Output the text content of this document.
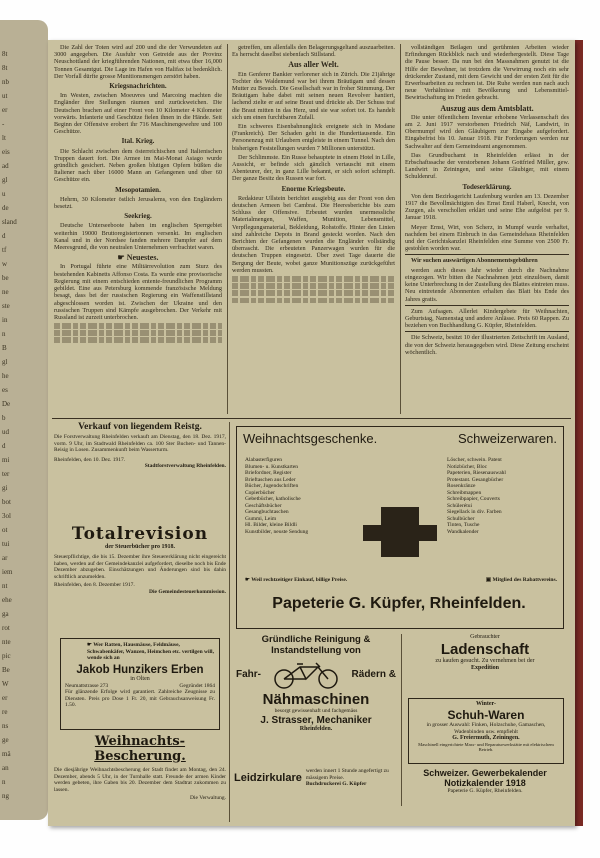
8t
8t
nb
ut
er
-
lt
eis
ad
gl
u
de
sland
d
tf
w
be
ne
ste
in
n
B
gl
he
es
De
b
ud
d
mi
ter
gi
bot
3ol
ot
tui
ar
iem
nt
ehe
ga
rot
nte
pic
Be
W
er
re
ns
ge
mä
an
n
ng

Die Zahl der Toten wird auf 200 und die der Verwundeten auf 3000 angegeben. Die Ausfuhr von Getreide aus der Provinz Neuschottland der kriegführenden Nationen, mit etwa über 16,000 Tonnen Gesamtgut. Die Lage im Hafen von Halifax ist bedenklich. Der Vorfall dürfte grosse Munitionsmengen zerstört haben.

Kriegsnachrichten.

Im Westen, zwischen Moeuvres und Marcoing machten die Engländer ihre Stellungen räumen und zurückweichen. Die Deutschen brachen auf einer Front von 10 Kilometer 4 Kilometer vorwärts. Infanterie und Geschütze fielen ihnen in die Hände. Seit Beginn der Offensive erobert ihr 716 Maschinengewehre und 100 Geschütze.

Ital. Krieg.

Die Schlacht zwischen dem österreichischen und Italienischen Truppen dauert fort. Die Armee im Mai-Monat Asiago wurde gründlich gesichert. Neben großen blutigen Opfern büßten die Italiener nach über 16000 Mann an Gefangenen und über 60 Geschütze ein.

Mesopotamien.

Hehrm, 30 Kilometer östlich Jerusalems, von den Engländern besetzt.

Seekrieg.

Deutsche Unterseeboote haben im englischen Sperrgebiet weiterhin 19000 Bruttoregistertonnen versenkt. Im englischen Kanal und in der Nordsee fanden mehrere Dampfer auf dem Meeresgrund, die von neutralen Unternehmen verfrachtet waren.

☛ Neuestes.

In Portugal führte eine Militärrevolution zum Sturz des bestehenden Kabinetts Affonso Costa. Es wurde eine provisorische Regierung mit einem entschieden entente-freundlichen Programm gebildet. Eine aus Petersburg kommende französische Meldung besagt, dass bei der russischen Regierung ein Waffenstillstand abgeschlossen worden ist. Zwischen der Ukraine und den russischen Truppen sind Kämpfe ausgebrochen. Der Verkehr mit Russland ist zurzeit unterbrochen.

getreffen, um allenfalls den Belagerungsgeltand auszuarbeiten. Es herrscht daselbst siebenfach Stillstand.

Aus aller Welt.

Ein Genferer Bankier verlorener sich in Zürich. Die 21jährige Tochter des Waldemund war bei ihrem Bräutigam und dessen Mutter zu Besuch. Die Gesellschaft war in froher Stimmung. Der Bräutigam habe dabei mit seinen neuen Revolver hantiert, lachend zielte er auf seine Braut und drückte ab. Der Schuss traf die Braut mitten in das Herz, und sie war sofort tot. Es handelt sich um einen furchtbaren Zufall.

Ein schweres Eisenbahnunglück ereignete sich in Modane (Frankreich). Der Schaden geht in die Hunderttausende. Ein Personenzug mit Urlaubern entgleiste in einem Tunnel. Nach den bisherigen Feststellungen wurden 7 Millionen unterstützt.

Der Schlimmste. Ein Russe behauptete in einem Hotel in Lille, Aussicht, er befinde sich gänzlich vertauscht mit einem Abenteurer, der, in ganz Lille bekannt, er sich sofort schimpft. Der ganze Besitz des Russen war fort.

Enorme Kriegsbeute.

Redakteur Ullstein berichtet ausgiebig aus der Front von den deutschen Armeen bei Cambrai. Die Heeresberichte bis zum Schluss der Offensive. Erbeutet wurden unermessliche Materialmengen, Waffen, Munition, Lebensmittel, Verpflegungsmaterial, Bekleidung, Rohstoffe. Hinter den Linien sind zahlreiche Depots in Brand gesteckt worden. Nach den Berichten der Gefangenen wurden die Engländer vollständig überrascht. Die erbeuteten Panzerwagen wurden für die deutschen Truppen eingesetzt. Über zwei Tage dauerte die Bergung der Beute, wobei ganze Munitionszüge zurückgeführt werden mussten.

vollständigen Beilagen und gerühmten Arbeiten wieder Erfindungen Rückblick nach und wiederhergestellt. Diese Tage die Pause besser. Da nun bei den Massnahmen genutzt ist die Hilfe der Bewohner, ist trotzdem die Verwirrung noch ein sehr drückender Zustand, mit dem Gewicht und der ersten Zeit für die Erwerbsarbeiten zu rechnen ist. Die Ruhe werden nun nach auch neue Verhältnisse mit Bevölkerung und Lebensmittel-Bewirtschaftung im Frieden gebracht.

Auszug aus dem Amtsblatt.

Die unter öffentlichem Inventar erhobene Verlassenschaft des am 2. Juni 1917 verstorbenen Friedrich Näf, Landwirt, in Obermumpf wird den Gläubigern zur Eingabe aufgefordert. Eingabefrist bis 10. Januar 1918. Für Forderungen werden nur Sachwalter auf dem Gemeindeamt angenommen.

Das Grundbuchamt in Rheinfelden erlässt in der Erbschaftssache der verstorbenen Johann Gottfried Müller, gew. Landwirt in Zeiningen, und seine Gläubiger, mit einem Schuldenruf.

Todeserklärung.

Von dem Bezirksgericht Laufenburg wurden am 13. Dezember 1917 die Bevollmächtigten des Ernst Emil Haberl, Knecht, von Zuzgen, als verschollen erklärt und seine Ehe aufgelöst per 9. Januar 1918.

Meyer Ernst, Wirt, von Scherz, in Mumpf wurde verhaftet, nachdem bei einem Einbruch in das Gemeindehaus Rheinfelden und der Gerichtskanzlei Rheinfelden eine Summe von 2500 Fr. gestohlen worden war.

Wir suchen auswärtigen Abonnementsgebühren

werden auch dieses Jahr wieder durch die Nachnahme eingezogen. Wir bitten die Nachnahmen jetzt einzulösen, damit keine Unterbrechung in der Zustellung des Blattes eintreten muss. Neu eintretende Abonnenten erhalten das Blatt bis Ende des Jahres gratis.

Zum Aufsagen. Allerlei Kindergebete für Weihnachten, Geburtstag, Namenstag und andere Anlässe. Preis 60 Rappen. Zu beziehen von Buchhandlung G. Küpfer, Rheinfelden.

Die Schweiz, besitzt 10 der illustrierten Zeitschrift im Ausland, die von der Schweiz herausgegeben wird. Diese Zeitung erscheint wöchentlich.

Verkauf von liegendem Reistg.
Die Forstverwaltung Rheinfelden verkauft am Dienstag, den 18. Dez. 1917, vorm. 9 Uhr, im Stadtwald Rheinfelden ca. 100 Ster Buchen- und Tannen-Reisig in Losen. Zusammenkunft beim Wasserturm.
Rheinfelden, den 10. Dez. 1917.
Stadtforstverwaltung Rheinfelden.
Totalrevision
der Steuerbücher pro 1918.
Steuerpflichtige, die bis 15. Dezember ihre Steuererklärung nicht eingereicht haben, werden auf der Gemeindekanzlei aufgefordert, dieselbe noch bis Ende Dezember abzugeben. Einschätzungen und Änderungen sind bis dahin schriftlich anzumelden.
Rheinfelden, den 8. Dezember 1917.
Die Gemeindesteuerkommission.
☛ Wer Ratten, Hausmäuse, Feldmäuse, Schwabenkäfer, Wanzen, Heimchen etc. vertilgen will, wende sich an
Jakob Hunzikers Erben
in Olten
Neumattstrasse 273	Gegründet 1864
Für glänzende Erfolge wird garantiert. Zahlreiche Zeugnisse zu Diensten. Preis pro Dose 1 Fr. 20, mit Gebrauchsanweisung Fr. 1.50.
Weihnachts-Bescherung.
Die diesjährige Weihnachtsbescherung der Stadt findet am Montag, den 24. Dezember, abends 5 Uhr, in der Turnhalle statt. Freunde der armen Kinder werden gebeten, ihre Gaben bis 20. Dezember dem Stadtrat zukommen zu lassen.
Die Verwaltung.
Weihnachtsgeschenke.	Schweizerwaren.
Alabasterfiguren
Blumen- u. Kunstkarten
Briefordner, Register
Brieftaschen aus Leder
Bücher, Jugendschriften
Copierbücher
Gebetbücher, katholische
Geschäftsbücher
Gesangbuchtaschen
Gummi, Leim
Hl. Bilder, kleine Bildli
Kunstbilder, neuste Sendung
Löscher, schwein. Patent
Notizbücher, Bloc
Papeterien, Riesenauswahl
Protestant. Gesangbücher
Rosenkränze
Schreibmappen
Schreibpapier, Couverts
Schülerétui
Siegellack in div. Farben
Schulbücher
Tinten, Tusche
Wandkalender
☛ Weil rechtzeitiger Einkauf, billige Preise.	▣ Mitglied des Rabattvereins.
Papeterie G. Küpfer, Rheinfelden.
Gründliche Reinigung & Instandstellung von
Fahr-	Rädern &
Nähmaschinen
besorgt gewissenhaft und fachgemäss
J. Strasser, Mechaniker
Rheinfelden.
Leidzirkulare
werden innert 1 Stunde angefertigt zu mässigem Preise.
Buchdruckerei G. Küpfer
Gebrauchter
Ladenschaft
zu kaufen gesucht. Zu vernehmen bei der
Expedition
Winter-
Schuh-Waren
in grosser Auswahl: Finken, Holzschuhe, Gamaschen, Wadenbinden usw. empfiehlt
G. Freiermuth, Zeiningen.
Maschinell eingerichtete Mass- und Reparaturwerkstätte mit elektrischem Betrieb.
Schweizer. Gewerbekalender
Notizkalender 1918
Papeterie G. Küpfer, Rheinfelden.
